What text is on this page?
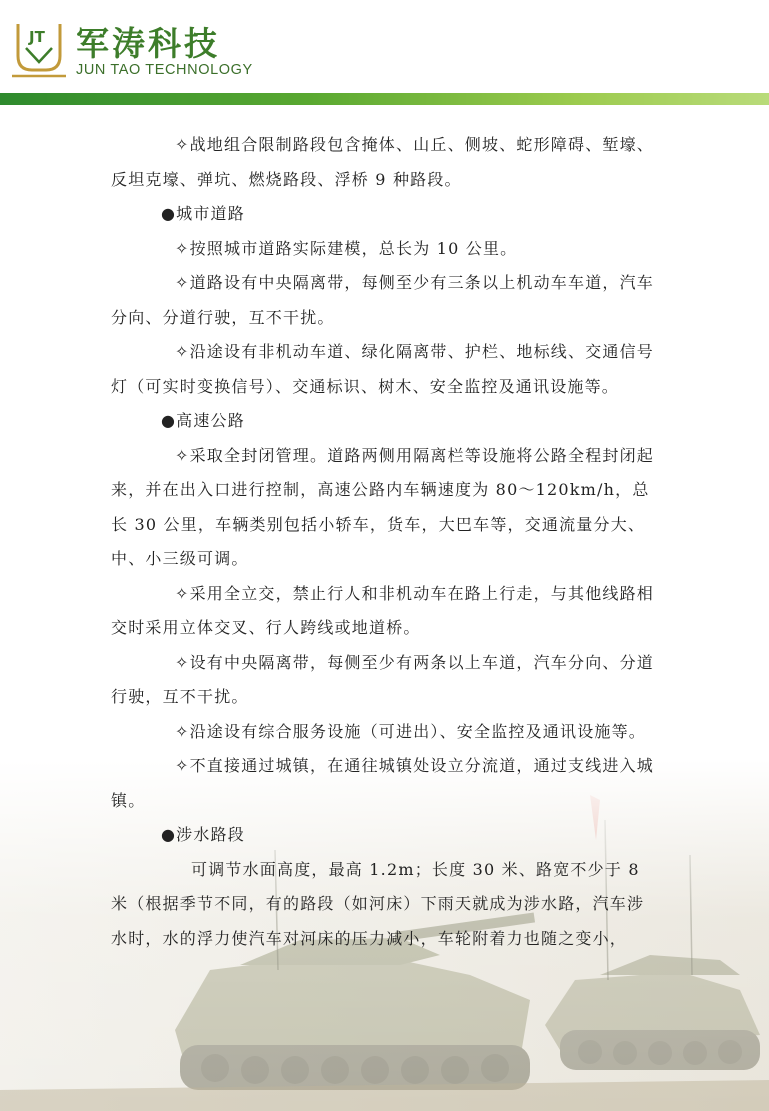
JT 军涛科技
JUN TAO TECHNOLOGY

✧战地组合限制路段包含掩体、山丘、侧坡、蛇形障碍、堑壕、反坦克壕、弹坑、燃烧路段、浮桥 9 种路段。

●城市道路

✧按照城市道路实际建模，总长为 10 公里。

✧道路设有中央隔离带，每侧至少有三条以上机动车车道，汽车分向、分道行驶，互不干扰。

✧沿途设有非机动车道、绿化隔离带、护栏、地标线、交通信号灯（可实时变换信号）、交通标识、树木、安全监控及通讯设施等。

●高速公路

✧采取全封闭管理。道路两侧用隔离栏等设施将公路全程封闭起来，并在出入口进行控制，高速公路内车辆速度为 80～120km/h，总长 30 公里，车辆类别包括小轿车，货车，大巴车等，交通流量分大、中、小三级可调。

✧采用全立交，禁止行人和非机动车在路上行走，与其他线路相交时采用立体交叉、行人跨线或地道桥。

✧设有中央隔离带，每侧至少有两条以上车道，汽车分向、分道行驶，互不干扰。

✧沿途设有综合服务设施（可进出）、安全监控及通讯设施等。

✧不直接通过城镇，在通往城镇处设立分流道，通过支线进入城镇。

●涉水路段

可调节水面高度，最高 1.2m；长度 30 米、路宽不少于 8 米（根据季节不同，有的路段（如河床）下雨天就成为涉水路，汽车涉水时，水的浮力使汽车对河床的压力减小，车轮附着力也随之变小，
